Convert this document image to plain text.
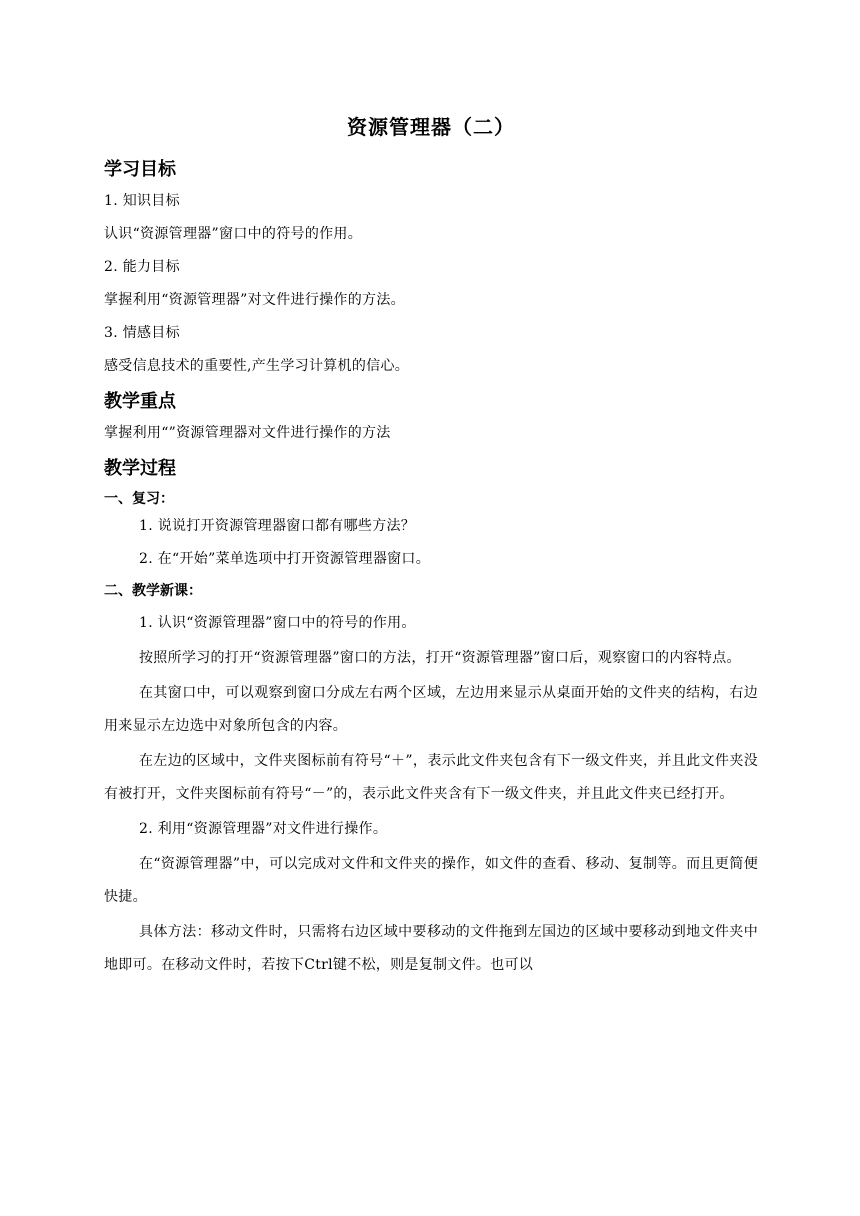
资源管理器（二）
学习目标
1. 知识目标
认识“资源管理器”窗口中的符号的作用。
2. 能力目标
掌握利用“资源管理器”对文件进行操作的方法。
3. 情感目标
感受信息技术的重要性,产生学习计算机的信心。
教学重点
掌握利用“”资源管理器对文件进行操作的方法
教学过程
一、复习：
1. 说说打开资源管理器窗口都有哪些方法？
2. 在“开始”菜单选项中打开资源管理器窗口。
二、教学新课：
1. 认识“资源管理器”窗口中的符号的作用。
按照所学习的打开“资源管理器”窗口的方法，打开“资源管理器”窗口后，观察窗口的内容特点。
在其窗口中，可以观察到窗口分成左右两个区域，左边用来显示从桌面开始的文件夹的结构，右边用来显示左边选中对象所包含的内容。
在左边的区域中，文件夹图标前有符号“＋”，表示此文件夹包含有下一级文件夹，并且此文件夹没有被打开，文件夹图标前有符号“－”的，表示此文件夹含有下一级文件夹，并且此文件夹已经打开。
2. 利用“资源管理器”对文件进行操作。
在“资源管理器”中，可以完成对文件和文件夹的操作，如文件的查看、移动、复制等。而且更简便快捷。
具体方法：移动文件时，只需将右边区域中要移动的文件拖到左国边的区域中要移动到地文件夹中地即可。在移动文件时，若按下Ctrl键不松，则是复制文件。也可以
